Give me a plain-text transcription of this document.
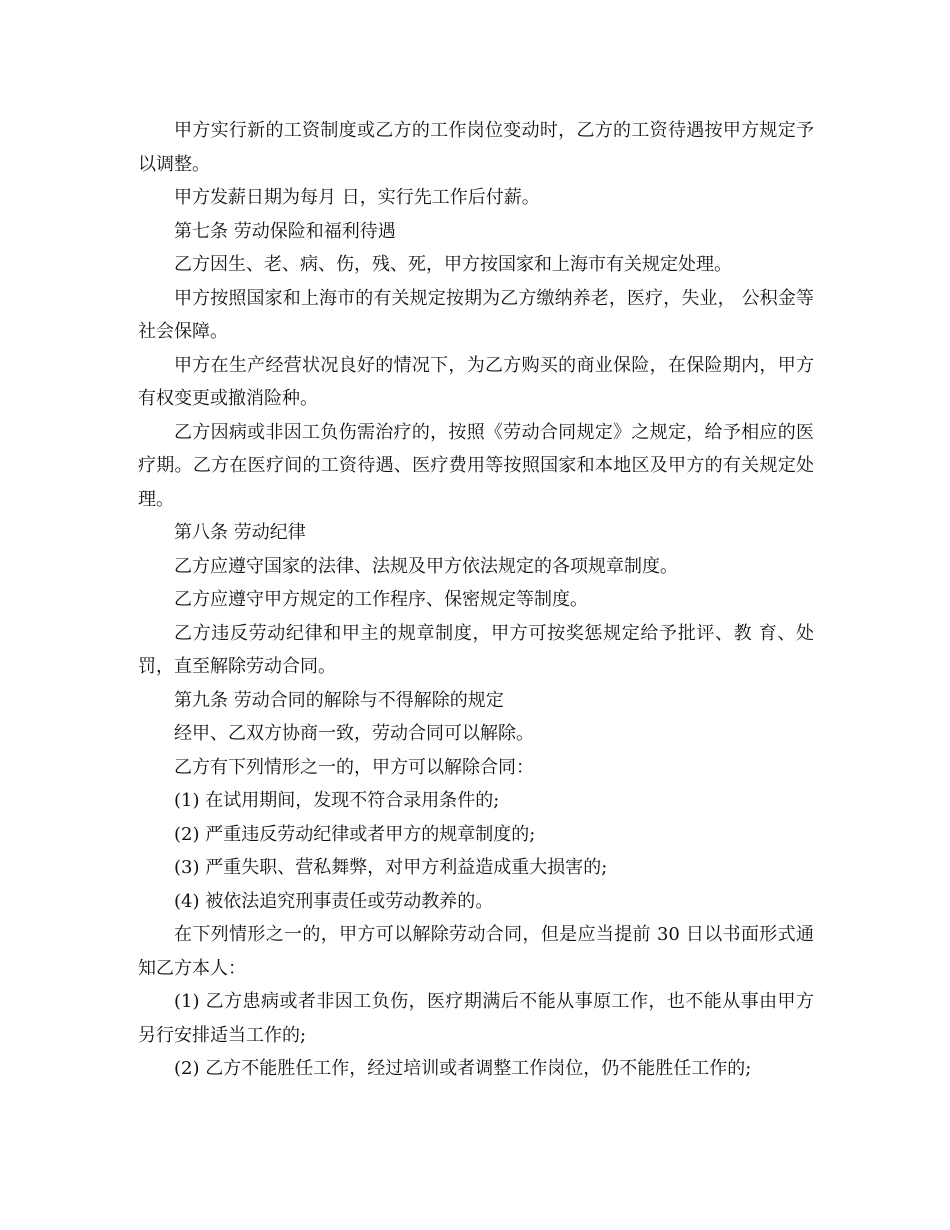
甲方实行新的工资制度或乙方的工作岗位变动时，乙方的工资待遇按甲方规定予以调整。

甲方发薪日期为每月 日，实行先工作后付薪。

第七条 劳动保险和福利待遇

乙方因生、老、病、伤，残、死，甲方按国家和上海市有关规定处理。

甲方按照国家和上海市的有关规定按期为乙方缴纳养老，医疗，失业， 公积金等社会保障。

甲方在生产经营状况良好的情况下，为乙方购买的商业保险，在保险期内，甲方有权变更或撤消险种。

乙方因病或非因工负伤需治疗的，按照《劳动合同规定》之规定，给予相应的医疗期。乙方在医疗间的工资待遇、医疗费用等按照国家和本地区及甲方的有关规定处理。

第八条 劳动纪律

乙方应遵守国家的法律、法规及甲方依法规定的各项规章制度。

乙方应遵守甲方规定的工作程序、保密规定等制度。

乙方违反劳动纪律和甲主的规章制度，甲方可按奖惩规定给予批评、教 育、处罚，直至解除劳动合同。

第九条 劳动合同的解除与不得解除的规定

经甲、乙双方协商一致，劳动合同可以解除。

乙方有下列情形之一的，甲方可以解除合同：

(1) 在试用期间，发现不符合录用条件的;

(2) 严重违反劳动纪律或者甲方的规章制度的;

(3) 严重失职、营私舞弊，对甲方利益造成重大损害的;

(4) 被依法追究刑事责任或劳动教养的。

在下列情形之一的，甲方可以解除劳动合同，但是应当提前 30 日以书面形式通知乙方本人：

(1) 乙方患病或者非因工负伤，医疗期满后不能从事原工作，也不能从事由甲方另行安排适当工作的;

(2) 乙方不能胜任工作，经过培训或者调整工作岗位，仍不能胜任工作的;
